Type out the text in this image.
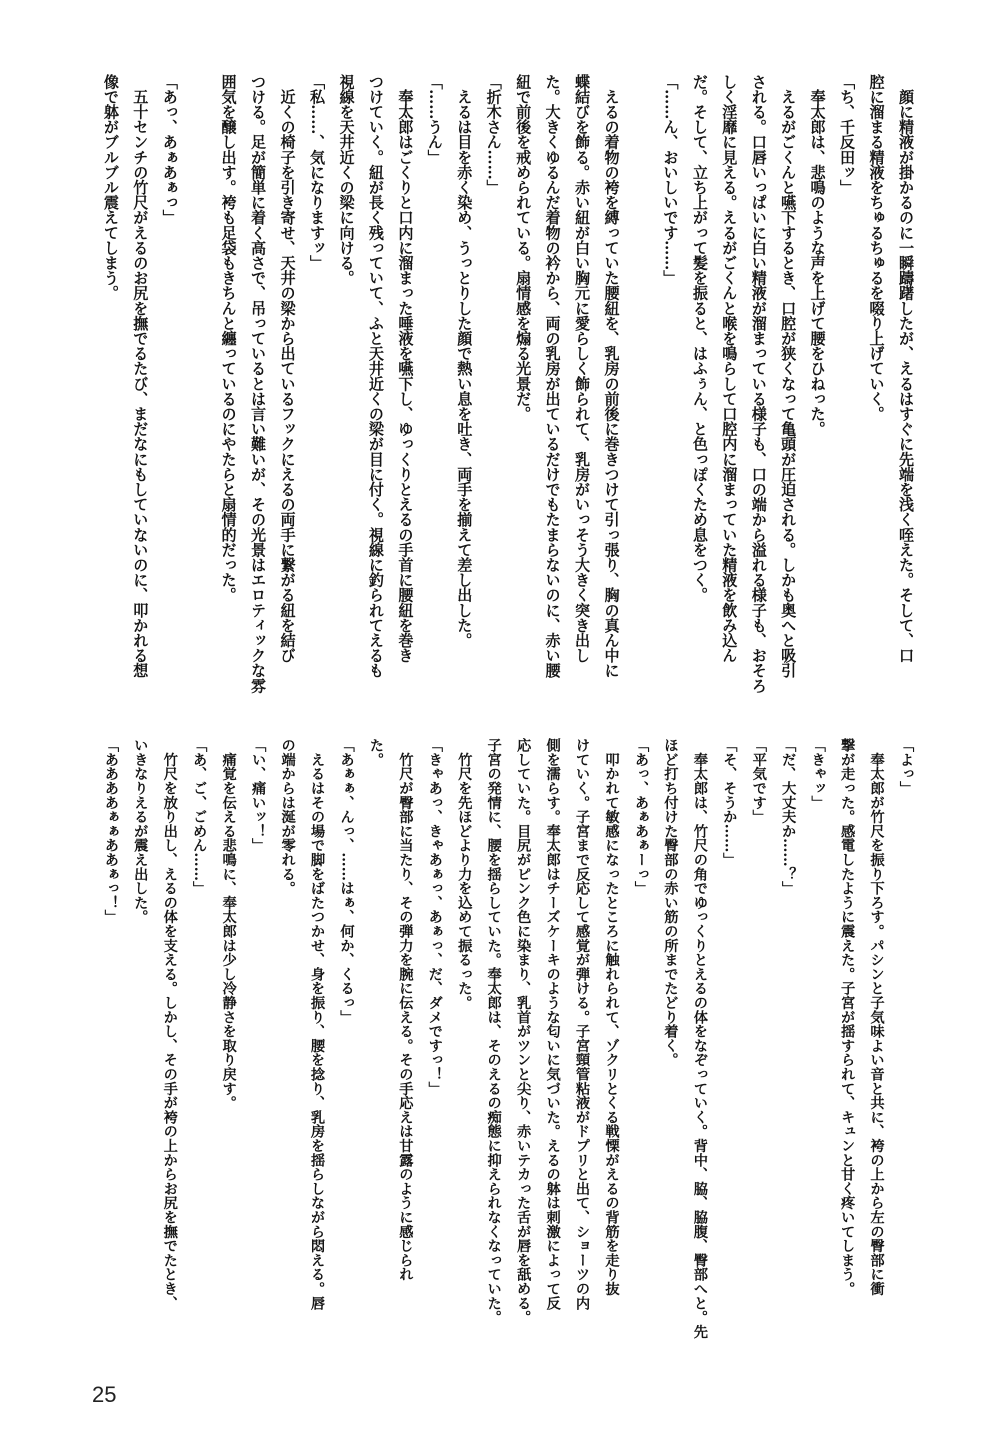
　顔に精液が掛かるのに一瞬躊躇したが、えるはすぐに先端を浅く咥えた。そして、口
腔に溜まる精液をちゅるちゅるを啜り上げていく。
「ち、千反田ッ」
　奉太郎は、悲鳴のような声を上げて腰をひねった。
　えるがごくんと嚥下するとき、口腔が狭くなって亀頭が圧迫される。しかも奥へと吸引
される。口唇いっぱいに白い精液が溜まっている様子も、口の端から溢れる様子も、おそろ
しく淫靡に見える。えるがごくんと喉を鳴らして口腔内に溜まっていた精液を飲み込ん
だ。そして、立ち上がって髪を振ると、はふぅん、と色っぽくため息をつく。
「……ん、おいしいです……」
　えるの着物の袴を縛っていた腰紐を、乳房の前後に巻きつけて引っ張り、胸の真ん中に
蝶結びを飾る。赤い紐が白い胸元に愛らしく飾られて、乳房がいっそう大きく突き出し
た。大きくゆるんだ着物の衿から、両の乳房が出ているだけでもたまらないのに、赤い腰
紐で前後を戒められている。扇情感を煽る光景だ。
「折木さん……」
　えるは目を赤く染め、うっとりした顔で熱い息を吐き、両手を揃えて差し出した。
「……うん」
　奉太郎はごくりと口内に溜まった唾液を嚥下し、ゆっくりとえるの手首に腰紐を巻き
つけていく。紐が長く残っていて、ふと天井近くの梁が目に付く。視線に釣られてえるも
視線を天井近くの梁に向ける。
「私……、気になりますッ」
　近くの椅子を引き寄せ、天井の梁から出ているフックにえるの両手に繋がる紐を結び
つける。足が簡単に着く高さで、吊っているとは言い難いが、その光景はエロティックな雰
囲気を醸し出す。袴も足袋もきちんと纏っているのにやたらと扇情的だった。
「あっ、あぁあぁっ」
　五十センチの竹尺がえるのお尻を撫でるたび、まだなにもしていないのに、叩かれる想
像で躰がブルブル震えてしまう。
「よっ」
　奉太郎が竹尺を振り下ろす。パシンと子気味よい音と共に、袴の上から左の臀部に衝
撃が走った。感電したように震えた。子宮が揺すられて、キュンと甘く疼いてしまう。
「きゃッ」
「だ、大丈夫か……？」
「平気です」
「そ、そうか……」
　奉太郎は、竹尺の角でゆっくりとえるの体をなぞっていく。背中、脇、脇腹、臀部へと。先
ほど打ち付けた臀部の赤い筋の所までたどり着く。
「あっ、あぁあぁーっ」
　叩かれて敏感になったところに触れられて、ゾクリとくる戦慄がえるの背筋を走り抜
けていく。子宮まで反応して感覚が弾ける。子宮頸管粘液がドプリと出て、ショーツの内
側を濡らす。奉太郎はチーズケーキのような匂いに気づいた。えるの躰は刺激によって反
応していた。目尻がピンク色に染まり、乳首がツンと尖り、赤いテカった舌が唇を舐める。
子宮の発情に、腰を揺らしていた。奉太郎は、そのえるの痴態に抑えられなくなっていた。
　竹尺を先ほどより力を込めて振るった。
「きゃあっ、きゃあぁっ、あぁっ、だ、ダメですっ！」
　竹尺が臀部に当たり、その弾力を腕に伝える。その手応えは甘露のように感じられ
た。
「あぁぁ、んっ、……はぁ、何か、くるっ」
　えるはその場で脚をばたつかせ、身を振り、腰を捻り、乳房を揺らしながら悶える。唇
の端からは涎が零れる。
「い、痛いッ！」
　痛覚を伝える悲鳴に、奉太郎は少し冷静さを取り戻す。
「あ、ご、ごめん……」
　竹尺を放り出し、えるの体を支える。しかし、その手が袴の上からお尻を撫でたとき、
いきなりえるが震え出した。
「ああああぁぁああぁっ！」
25
